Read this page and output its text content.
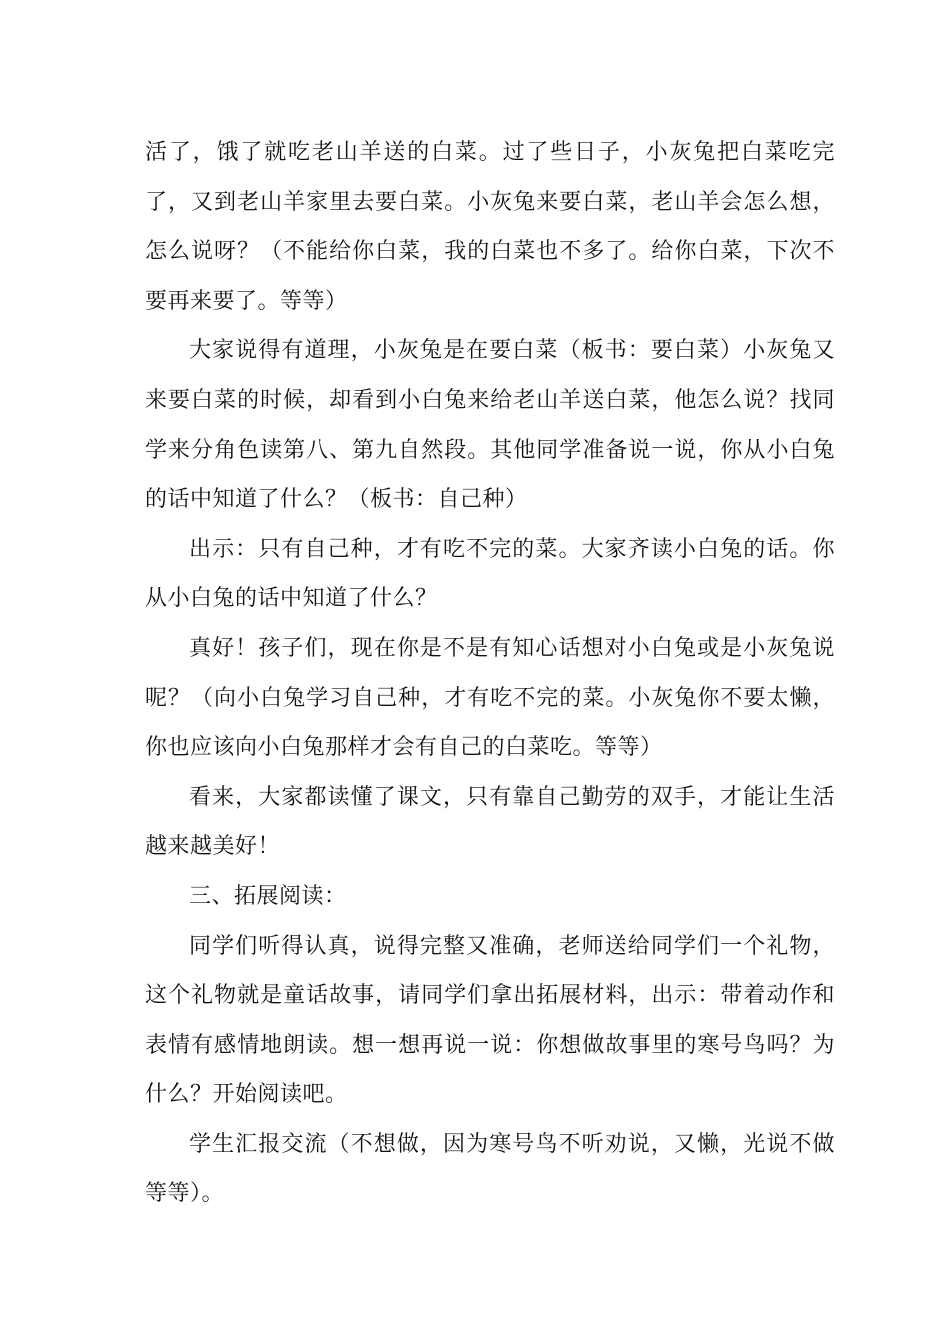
活了，饿了就吃老山羊送的白菜。过了些日子，小灰兔把白菜吃完了，又到老山羊家里去要白菜。小灰兔来要白菜，老山羊会怎么想，怎么说呀？（不能给你白菜，我的白菜也不多了。给你白菜，下次不要再来要了。等等）

大家说得有道理，小灰兔是在要白菜（板书：要白菜）小灰兔又来要白菜的时候，却看到小白兔来给老山羊送白菜，他怎么说？找同学来分角色读第八、第九自然段。其他同学准备说一说，你从小白兔的话中知道了什么？（板书：自己种）

出示：只有自己种，才有吃不完的菜。大家齐读小白兔的话。你从小白兔的话中知道了什么？

真好！孩子们，现在你是不是有知心话想对小白兔或是小灰兔说呢？（向小白兔学习自己种，才有吃不完的菜。小灰兔你不要太懒，你也应该向小白兔那样才会有自己的白菜吃。等等）

看来，大家都读懂了课文，只有靠自己勤劳的双手，才能让生活越来越美好！

三、拓展阅读：

同学们听得认真，说得完整又准确，老师送给同学们一个礼物，这个礼物就是童话故事，请同学们拿出拓展材料，出示：带着动作和表情有感情地朗读。想一想再说一说：你想做故事里的寒号鸟吗？为什么？开始阅读吧。

学生汇报交流（不想做，因为寒号鸟不听劝说，又懒，光说不做等等）。
